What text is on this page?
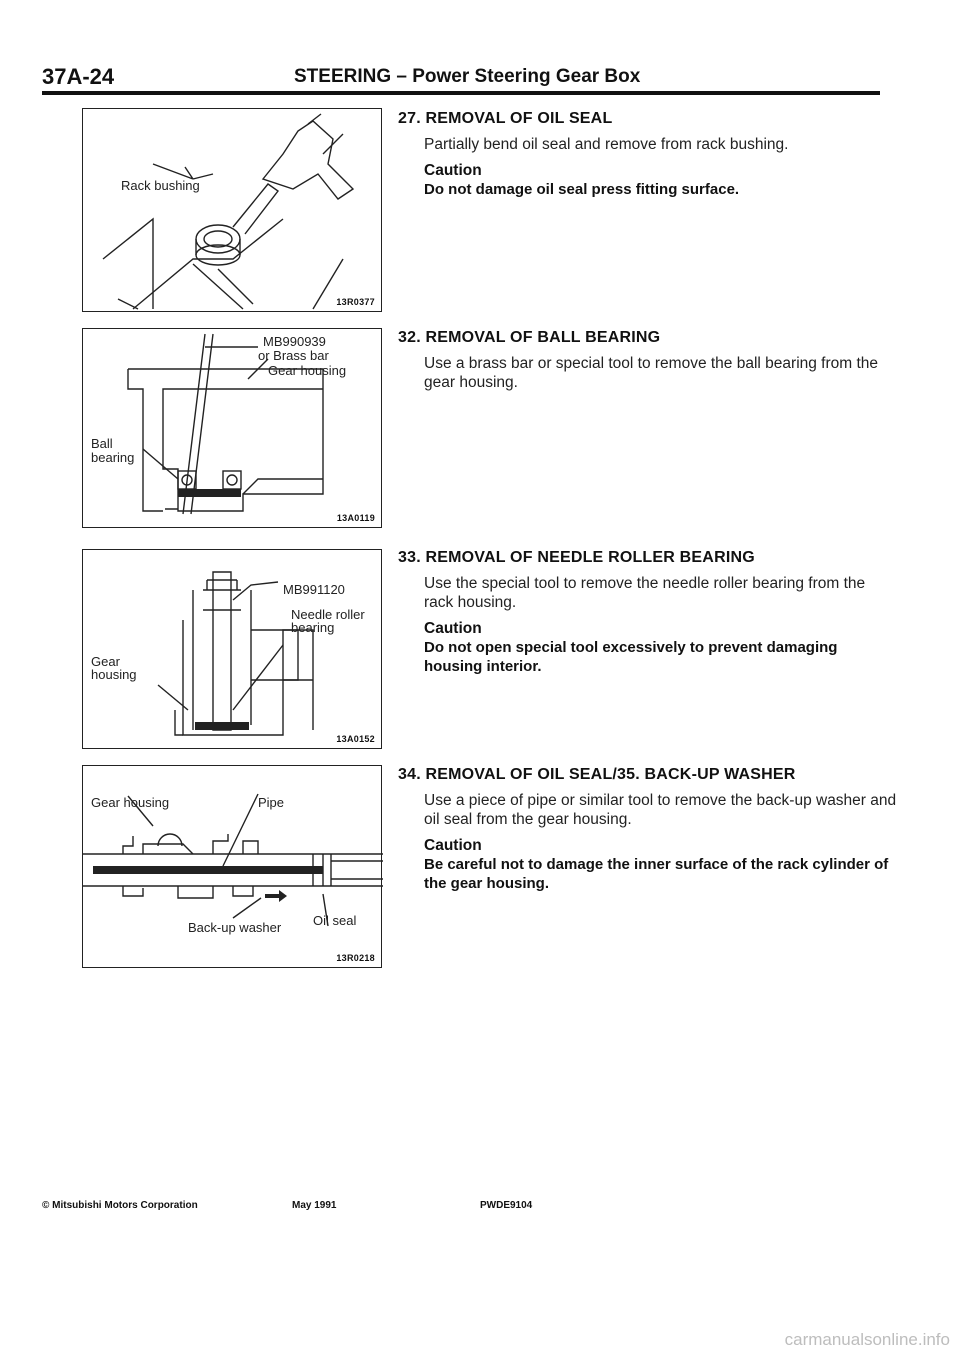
37A-24	STEERING – Power Steering Gear Box
Rack bushing
13R0377
MB990939
or Brass bar
Gear housing
Ball
bearing
13A0119
MB991120
Needle roller
bearing
Gear
housing
13A0152
Gear housing	Pipe
Back-up washer Oil seal
13R0218
27. REMOVAL OF OIL SEAL
Partially bend oil seal and remove from rack bushing.
Caution
Do not damage oil seal press fitting surface.
32. REMOVAL OF BALL BEARING
Use a brass bar or special tool to remove the ball bearing from the gear housing.
33. REMOVAL OF NEEDLE ROLLER BEARING
Use the special tool to remove the needle roller bearing from the rack housing.
Caution
Do not open special tool excessively to prevent damaging housing interior.
34. REMOVAL OF OIL SEAL/35. BACK-UP WASHER
Use a piece of pipe or similar tool to remove the back-up washer and oil seal from the gear housing.
Caution
Be careful not to damage the inner surface of the rack cylinder of the gear housing.
© Mitsubishi Motors Corporation	May 1991	PWDE9104
carmanualsonline.info
